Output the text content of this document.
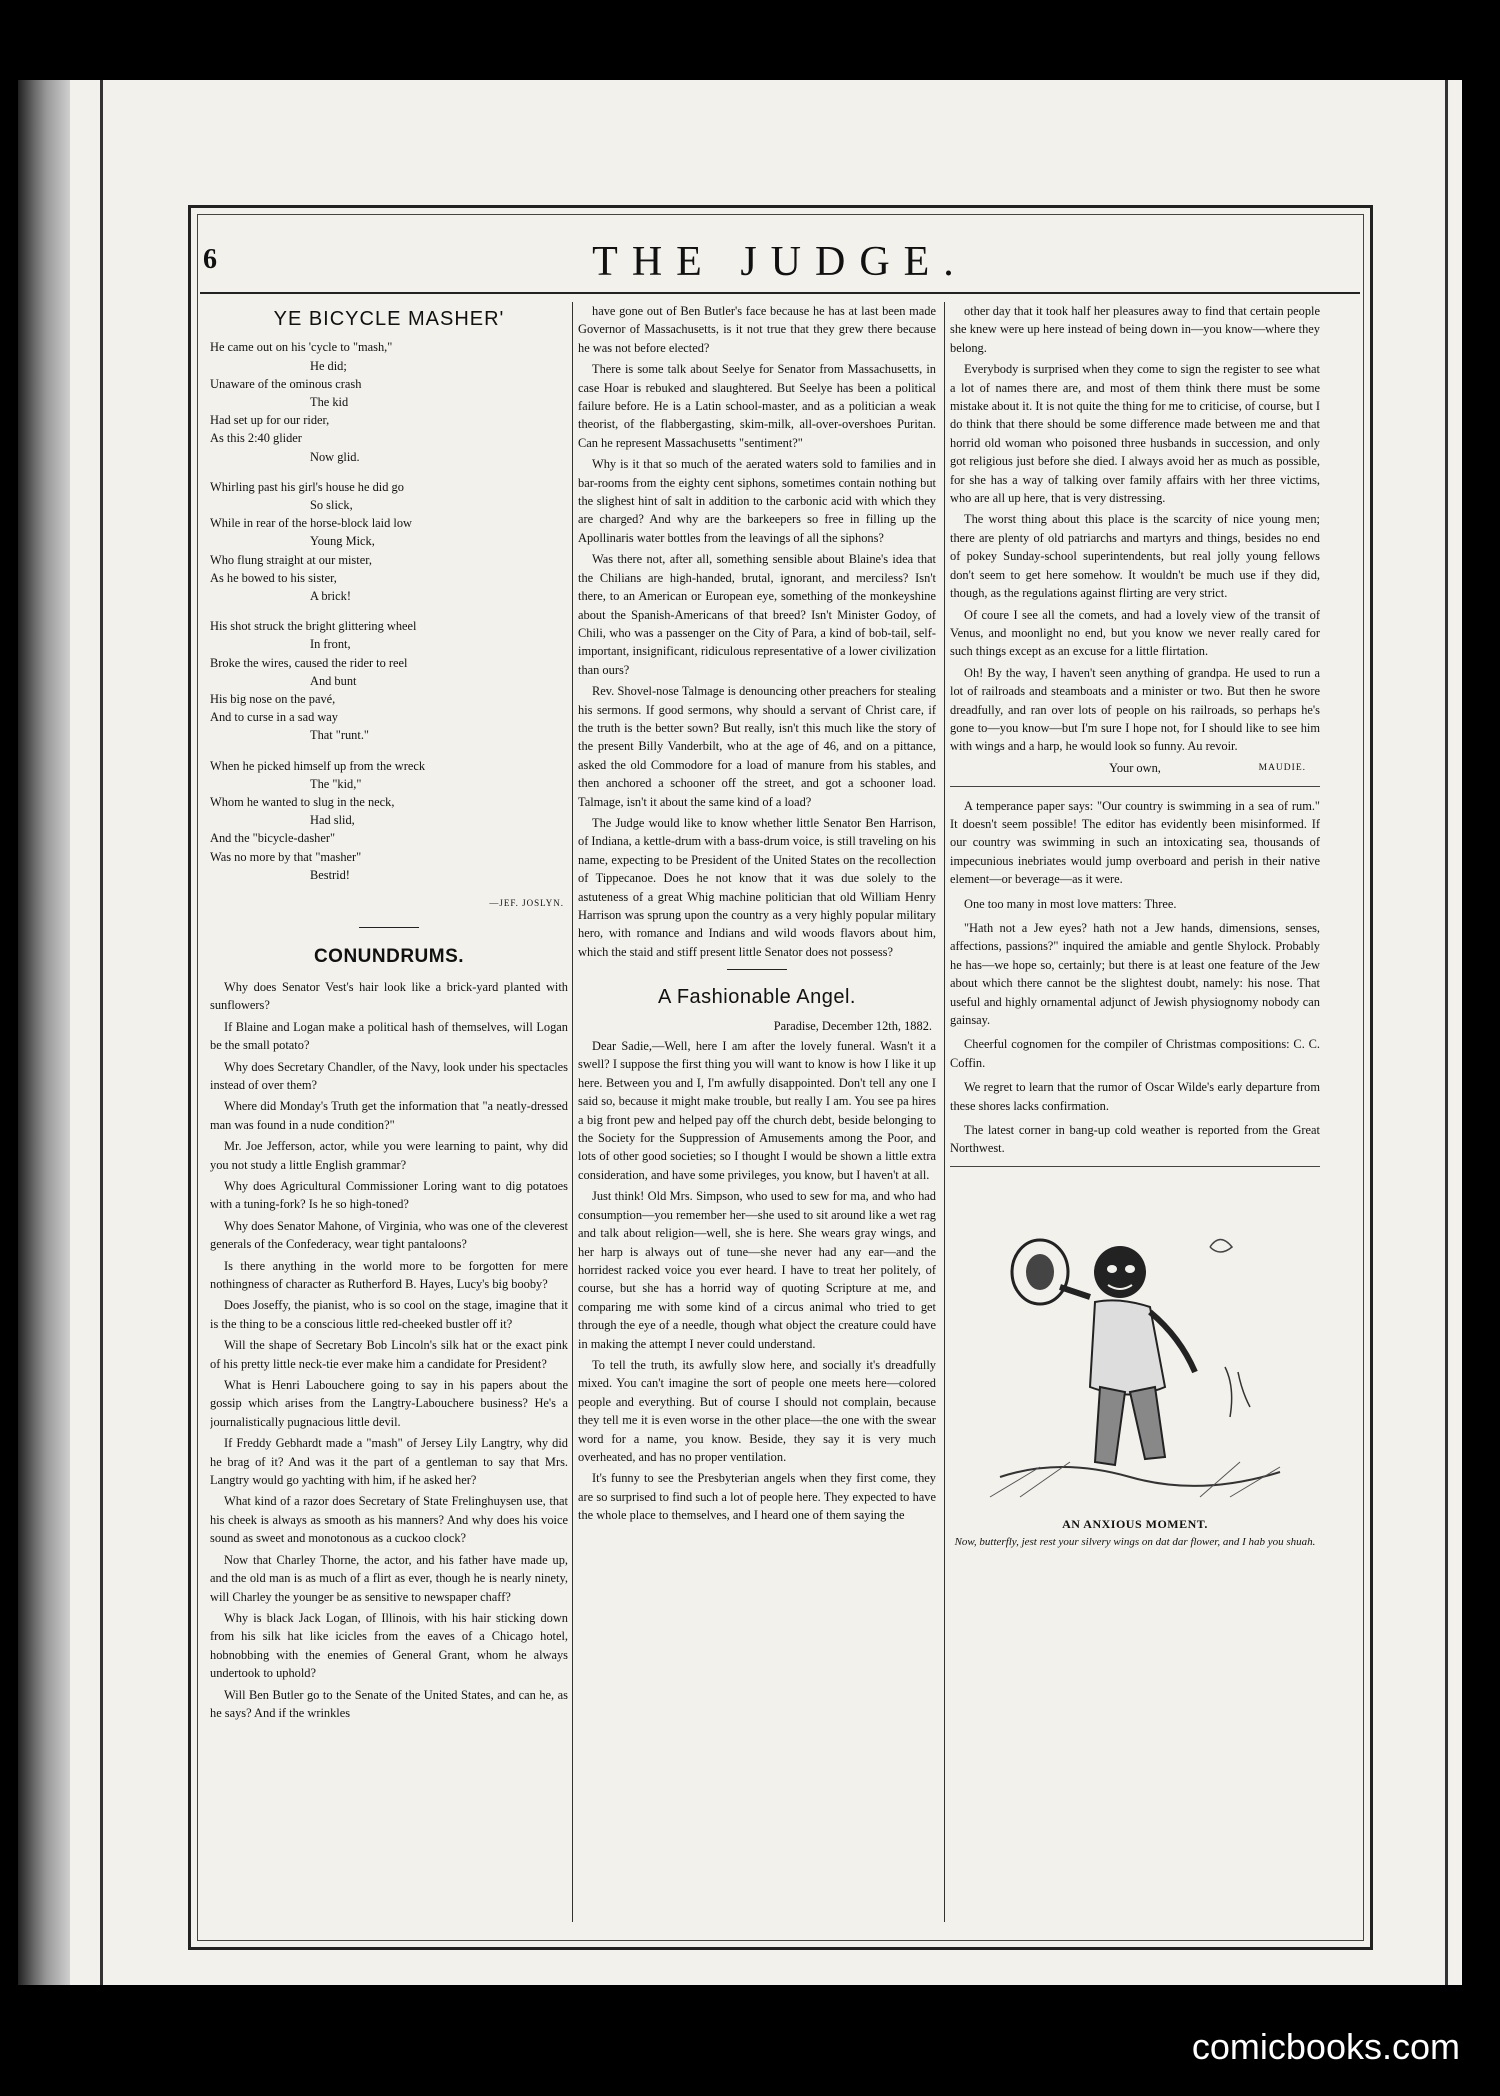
6	THE JUDGE.
YE BICYCLE MASHER'
He came out on his 'cycle to "mash,"
He did;
Unaware of the ominous crash
The kid
Had set up for our rider,
As this 2:40 glider
Now glid.
Whirling past his girl's house he did go
So slick,
While in rear of the horse-block laid low
Young Mick,
Who flung straight at our mister,
As he bowed to his sister,
A brick!
His shot struck the bright glittering wheel
In front,
Broke the wires, caused the rider to reel
And bunt
His big nose on the pavé,
And to curse in a sad way
That "runt."
When he picked himself up from the wreck
The "kid,"
Whom he wanted to slug in the neck,
Had slid,
And the "bicycle-dasher"
Was no more by that "masher"
Bestrid!
—JEF. JOSLYN.
CONUNDRUMS.

Why does Senator Vest's hair look like a brick-yard planted with sunflowers?

If Blaine and Logan make a political hash of themselves, will Logan be the small potato?

Why does Secretary Chandler, of the Navy, look under his spectacles instead of over them?

Where did Monday's Truth get the information that "a neatly-dressed man was found in a nude condition?"

Mr. Joe Jefferson, actor, while you were learning to paint, why did you not study a little English grammar?

Why does Agricultural Commissioner Loring want to dig potatoes with a tuning-fork? Is he so high-toned?

Why does Senator Mahone, of Virginia, who was one of the cleverest generals of the Confederacy, wear tight pantaloons?

Is there anything in the world more to be forgotten for mere nothingness of character as Rutherford B. Hayes, Lucy's big booby?

Does Joseffy, the pianist, who is so cool on the stage, imagine that it is the thing to be a conscious little red-cheeked bustler off it?

Will the shape of Secretary Bob Lincoln's silk hat or the exact pink of his pretty little neck-tie ever make him a candidate for President?

What is Henri Labouchere going to say in his papers about the gossip which arises from the Langtry-Labouchere business? He's a journalistically pugnacious little devil.

If Freddy Gebhardt made a "mash" of Jersey Lily Langtry, why did he brag of it? And was it the part of a gentleman to say that Mrs. Langtry would go yachting with him, if he asked her?

What kind of a razor does Secretary of State Frelinghuysen use, that his cheek is always as smooth as his manners? And why does his voice sound as sweet and monotonous as a cuckoo clock?

Now that Charley Thorne, the actor, and his father have made up, and the old man is as much of a flirt as ever, though he is nearly ninety, will Charley the younger be as sensitive to newspaper chaff?

Why is black Jack Logan, of Illinois, with his hair sticking down from his silk hat like icicles from the eaves of a Chicago hotel, hobnobbing with the enemies of General Grant, whom he always undertook to uphold?

Will Ben Butler go to the Senate of the United States, and can he, as he says? And if the wrinkles

have gone out of Ben Butler's face because he has at last been made Governor of Massachusetts, is it not true that they grew there because he was not before elected?

There is some talk about Seelye for Senator from Massachusetts, in case Hoar is rebuked and slaughtered. But Seelye has been a political failure before. He is a Latin school-master, and as a politician a weak theorist, of the flabbergasting, skim-milk, all-over-overshoes Puritan. Can he represent Massachusetts "sentiment?"

Why is it that so much of the aerated waters sold to families and in bar-rooms from the eighty cent siphons, sometimes contain nothing but the slighest hint of salt in addition to the carbonic acid with which they are charged? And why are the barkeepers so free in filling up the Apollinaris water bottles from the leavings of all the siphons?

Was there not, after all, something sensible about Blaine's idea that the Chilians are high-handed, brutal, ignorant, and merciless? Isn't there, to an American or European eye, something of the monkeyshine about the Spanish-Americans of that breed? Isn't Minister Godoy, of Chili, who was a passenger on the City of Para, a kind of bob-tail, self-important, insignificant, ridiculous representative of a lower civilization than ours?

Rev. Shovel-nose Talmage is denouncing other preachers for stealing his sermons. If good sermons, why should a servant of Christ care, if the truth is the better sown? But really, isn't this much like the story of the present Billy Vanderbilt, who at the age of 46, and on a pittance, asked the old Commodore for a load of manure from his stables, and then anchored a schooner off the street, and got a schooner load. Talmage, isn't it about the same kind of a load?

The Judge would like to know whether little Senator Ben Harrison, of Indiana, a kettle-drum with a bass-drum voice, is still traveling on his name, expecting to be President of the United States on the recollection of Tippecanoe. Does he not know that it was due solely to the astuteness of a great Whig machine politician that old William Henry Harrison was sprung upon the country as a very highly popular military hero, with romance and Indians and wild woods flavors about him, which the staid and stiff present little Senator does not possess?

A Fashionable Angel.
Paradise, December 12th, 1882.

Dear Sadie,—Well, here I am after the lovely funeral. Wasn't it a swell? I suppose the first thing you will want to know is how I like it up here. Between you and I, I'm awfully disappointed. Don't tell any one I said so, because it might make trouble, but really I am. You see pa hires a big front pew and helped pay off the church debt, beside belonging to the Society for the Suppression of Amusements among the Poor, and lots of other good societies; so I thought I would be shown a little extra consideration, and have some privileges, you know, but I haven't at all.

Just think! Old Mrs. Simpson, who used to sew for ma, and who had consumption—you remember her—she used to sit around like a wet rag and talk about religion—well, she is here. She wears gray wings, and her harp is always out of tune—she never had any ear—and the horridest racked voice you ever heard. I have to treat her politely, of course, but she has a horrid way of quoting Scripture at me, and comparing me with some kind of a circus animal who tried to get through the eye of a needle, though what object the creature could have in making the attempt I never could understand.

To tell the truth, its awfully slow here, and socially it's dreadfully mixed. You can't imagine the sort of people one meets here—colored people and everything. But of course I should not complain, because they tell me it is even worse in the other place—the one with the swear word for a name, you know. Beside, they say it is very much overheated, and has no proper ventilation.

It's funny to see the Presbyterian angels when they first come, they are so surprised to find such a lot of people here. They expected to have the whole place to themselves, and I heard one of them saying the

other day that it took half her pleasures away to find that certain people she knew were up here instead of being down in—you know—where they belong.

Everybody is surprised when they come to sign the register to see what a lot of names there are, and most of them think there must be some mistake about it. It is not quite the thing for me to criticise, of course, but I do think that there should be some difference made between me and that horrid old woman who poisoned three husbands in succession, and only got religious just before she died. I always avoid her as much as possible, for she has a way of talking over family affairs with her three victims, who are all up here, that is very distressing.

The worst thing about this place is the scarcity of nice young men; there are plenty of old patriarchs and martyrs and things, besides no end of pokey Sunday-school superintendents, but real jolly young fellows don't seem to get here somehow. It wouldn't be much use if they did, though, as the regulations against flirting are very strict.

Of coure I see all the comets, and had a lovely view of the transit of Venus, and moonlight no end, but you know we never really cared for such things except as an excuse for a little flirtation.

Oh! By the way, I haven't seen anything of grandpa. He used to run a lot of railroads and steamboats and a minister or two. But then he swore dreadfully, and ran over lots of people on his railroads, so perhaps he's gone to—you know—but I'm sure I hope not, for I should like to see him with wings and a harp, he would look so funny. Au revoir.

Your own,	MAUDIE.

A temperance paper says: "Our country is swimming in a sea of rum." It doesn't seem possible! The editor has evidently been misinformed. If our country was swimming in such an intoxicating sea, thousands of impecunious inebriates would jump overboard and perish in their native element—or beverage—as it were.

One too many in most love matters: Three.

"Hath not a Jew eyes? hath not a Jew hands, dimensions, senses, affections, passions?" inquired the amiable and gentle Shylock. Probably he has—we hope so, certainly; but there is at least one feature of the Jew about which there cannot be the slightest doubt, namely: his nose. That useful and highly ornamental adjunct of Jewish physiognomy nobody can gainsay.

Cheerful cognomen for the compiler of Christmas compositions: C. C. Coffin.

We regret to learn that the rumor of Oscar Wilde's early departure from these shores lacks confirmation.

The latest corner in bang-up cold weather is reported from the Great Northwest.

AN ANXIOUS MOMENT.

Now, butterfly, jest rest your silvery wings on dat dar flower, and I hab you shuah.

comicbooks.com
